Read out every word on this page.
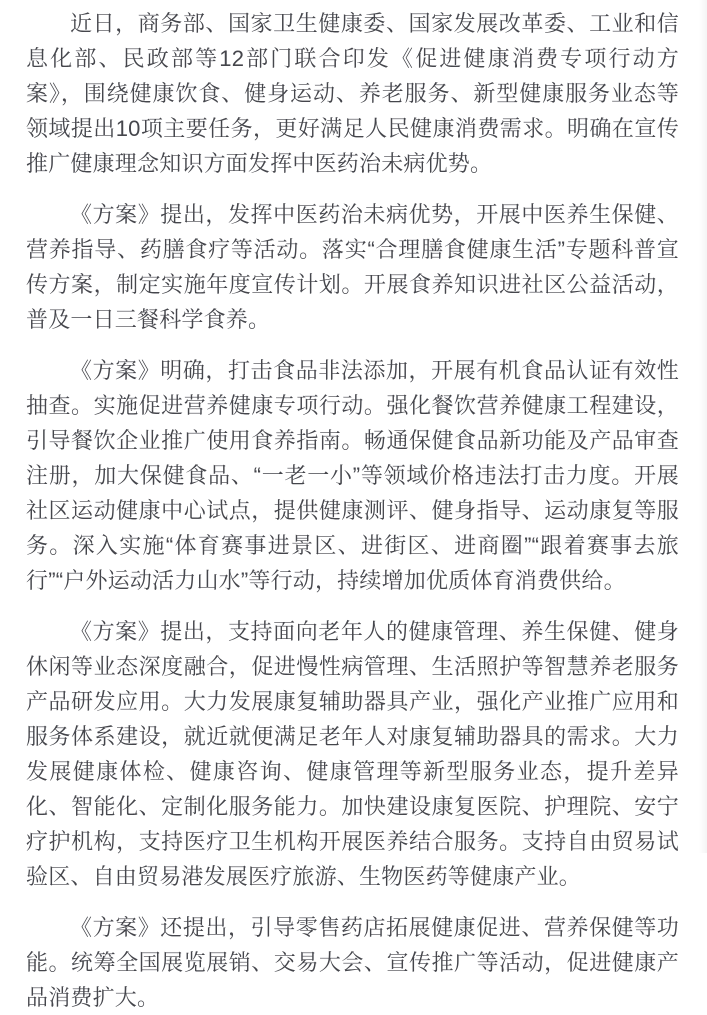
近日，商务部、国家卫生健康委、国家发展改革委、工业和信息化部、民政部等12部门联合印发《促进健康消费专项行动方案》，围绕健康饮食、健身运动、养老服务、新型健康服务业态等领域提出10项主要任务，更好满足人民健康消费需求。明确在宣传推广健康理念知识方面发挥中医药治未病优势。

《方案》提出，发挥中医药治未病优势，开展中医养生保健、营养指导、药膳食疗等活动。落实“合理膳食健康生活”专题科普宣传方案，制定实施年度宣传计划。开展食养知识进社区公益活动，普及一日三餐科学食养。

《方案》明确，打击食品非法添加，开展有机食品认证有效性抽查。实施促进营养健康专项行动。强化餐饮营养健康工程建设，引导餐饮企业推广使用食养指南。畅通保健食品新功能及产品审查注册，加大保健食品、“一老一小”等领域价格违法打击力度。开展社区运动健康中心试点，提供健康测评、健身指导、运动康复等服务。深入实施“体育赛事进景区、进街区、进商圈”“跟着赛事去旅行”“户外运动活力山水”等行动，持续增加优质体育消费供给。

《方案》提出，支持面向老年人的健康管理、养生保健、健身休闲等业态深度融合，促进慢性病管理、生活照护等智慧养老服务产品研发应用。大力发展康复辅助器具产业，强化产业推广应用和服务体系建设，就近就便满足老年人对康复辅助器具的需求。大力发展健康体检、健康咨询、健康管理等新型服务业态，提升差异化、智能化、定制化服务能力。加快建设康复医院、护理院、安宁疗护机构，支持医疗卫生机构开展医养结合服务。支持自由贸易试验区、自由贸易港发展医疗旅游、生物医药等健康产业。

《方案》还提出，引导零售药店拓展健康促进、营养保健等功能。统筹全国展览展销、交易大会、宣传推广等活动，促进健康产品消费扩大。
